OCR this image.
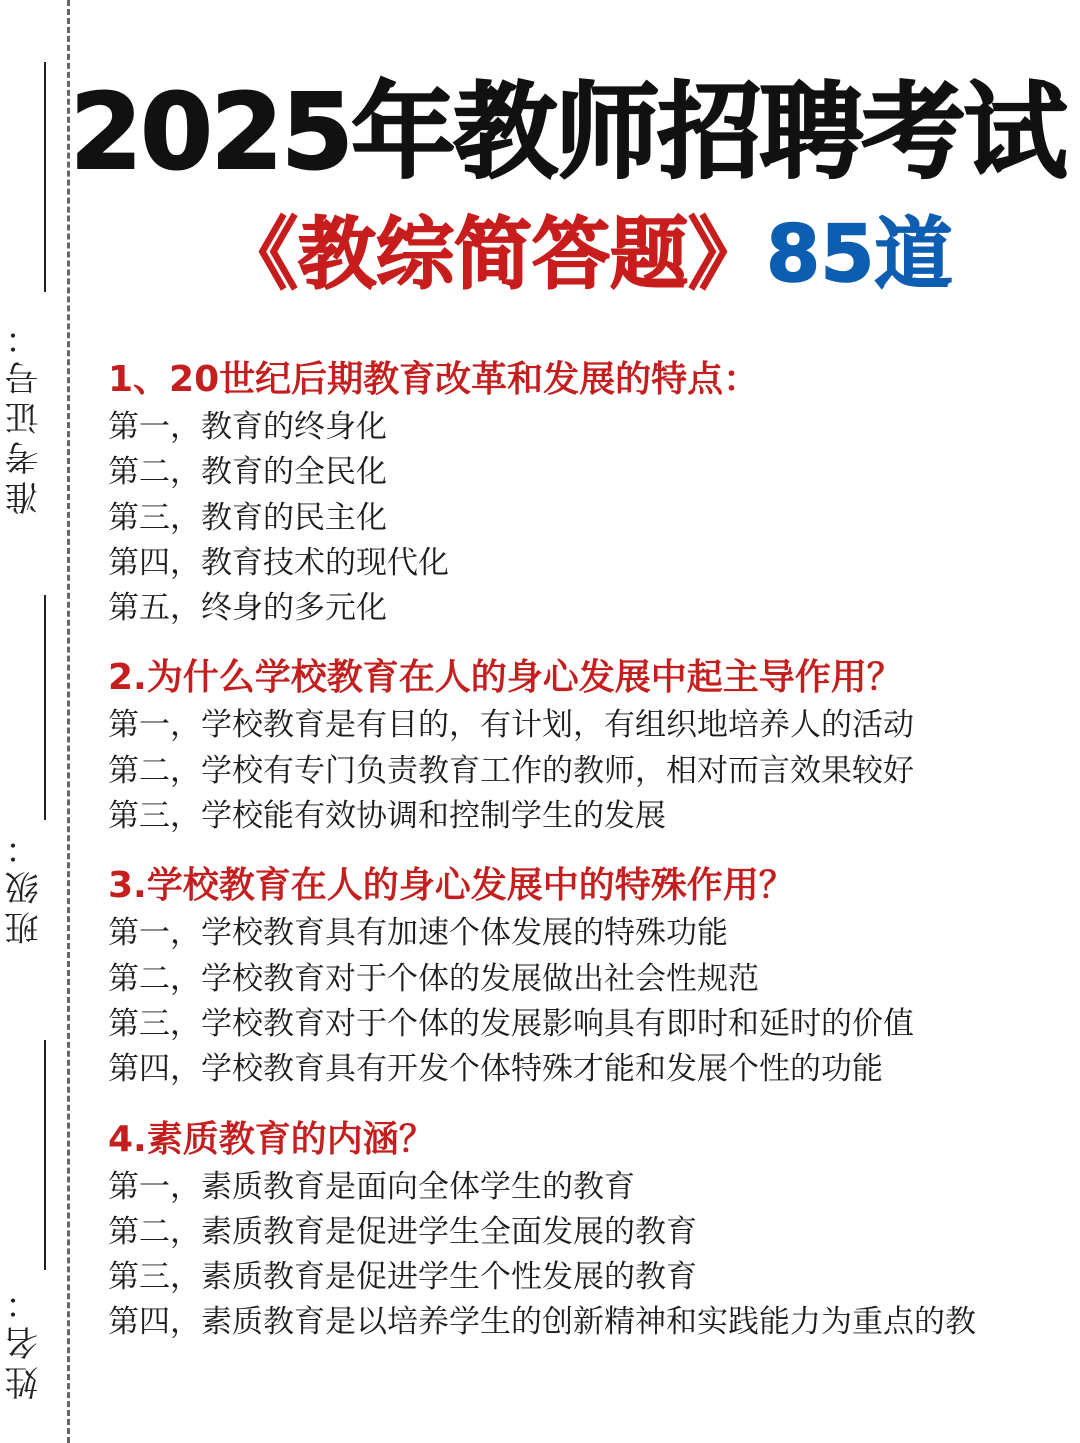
准考证号：
班级：
姓名：
2025年教师招聘考试
《教综简答题》85道

1、20世纪后期教育改革和发展的特点：

第一，教育的终身化

第二，教育的全民化

第三，教育的民主化

第四，教育技术的现代化

第五，终身的多元化

2.为什么学校教育在人的身心发展中起主导作用？

第一，学校教育是有目的，有计划，有组织地培养人的活动

第二，学校有专门负责教育工作的教师，相对而言效果较好

第三，学校能有效协调和控制学生的发展

3.学校教育在人的身心发展中的特殊作用？

第一，学校教育具有加速个体发展的特殊功能

第二，学校教育对于个体的发展做出社会性规范

第三，学校教育对于个体的发展影响具有即时和延时的价值

第四，学校教育具有开发个体特殊才能和发展个性的功能

4.素质教育的内涵？

第一，素质教育是面向全体学生的教育

第二，素质教育是促进学生全面发展的教育

第三，素质教育是促进学生个性发展的教育

第四，素质教育是以培养学生的创新精神和实践能力为重点的教
